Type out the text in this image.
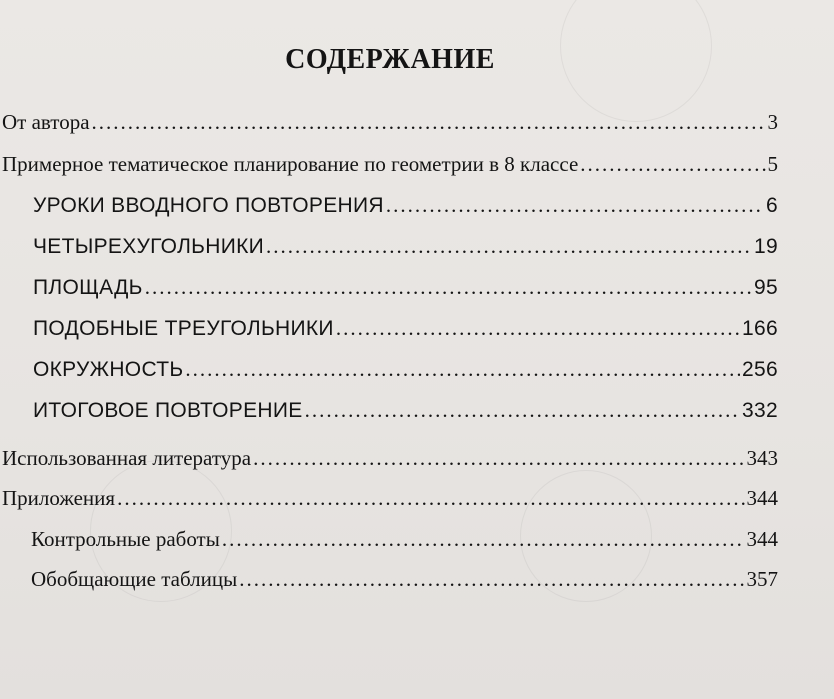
СОДЕРЖАНИЕ
От автора .....	3
Примерное тематическое планирование по геометрии в 8 классе .....	5
УРОКИ ВВОДНОГО ПОВТОРЕНИЯ .....	6
ЧЕТЫРЕХУГОЛЬНИКИ .....	19
ПЛОЩАДЬ .....	95
ПОДОБНЫЕ ТРЕУГОЛЬНИКИ .....	166
ОКРУЖНОСТЬ .....	256
ИТОГОВОЕ ПОВТОРЕНИЕ .....	332
Использованная литература .....	343
Приложения .....	344
Контрольные работы .....	344
Обобщающие таблицы .....	357
